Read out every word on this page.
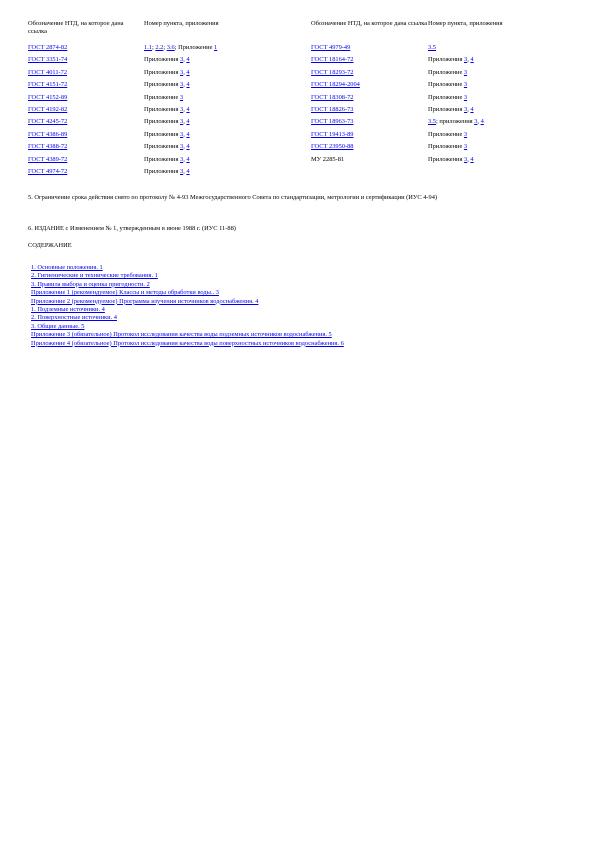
Обозначение НТД, на которое дана ссылка	Номер пункта, приложения	Обозначение НТД, на которое дана ссылка	Номер пункта, приложения
ГОСТ 2874-82	1.1; 2.2; 3.6; Приложение 1	ГОСТ 4979-49	3.5
ГОСТ 3351-74	Приложения 3, 4	ГОСТ 18164-72	Приложения 3, 4
ГОСТ 4011-72	Приложения 3, 4	ГОСТ 18293-72	Приложение 3
ГОСТ 4151-72	Приложения 3, 4	ГОСТ 18294-2004	Приложение 3
ГОСТ 4152-89	Приложение 3	ГОСТ 18308-72	Приложение 3
ГОСТ 4192-82	Приложения 3, 4	ГОСТ 18826-73	Приложения 3, 4
ГОСТ 4245-72	Приложения 3, 4	ГОСТ 18963-73	3.5; приложения 3, 4
ГОСТ 4386-89	Приложения 3, 4	ГОСТ 19413-89	Приложение 3
ГОСТ 4388-72	Приложения 3, 4	ГОСТ 23950-88	Приложение 3
ГОСТ 4389-72	Приложения 3, 4	МУ 2285-81	Приложения 3, 4
ГОСТ 4974-72	Приложения 3, 4		
5. Ограничение срока действия снято по протоколу № 4-93 Межгосударственного Совета по стандартизации, метрологии и сертификации (ИУС 4-94)
6. ИЗДАНИЕ с Изменением № 1, утвержденным в июне 1988 г. (ИУС 11-88)
СОДЕРЖАНИЕ
1. Основные положения. 1
2. Гигиенические и технические требования. 1
3. Правила выбора и оценка пригодности. 2
Приложение 1 (рекомендуемое) Классы и методы обработки воды.. 3
Приложение 2 (рекомендуемое) Программа изучения источников водоснабжения. 4
1. Подземные источники. 4
2. Поверхностные источники. 4
3. Общие данные. 5
Приложение 3 (обязательное) Протокол исследования качества воды подземных источников водоснабжения. 5
Приложение 4 (обязательное) Протокол исследования качества воды поверхностных источников водоснабжения. 6
